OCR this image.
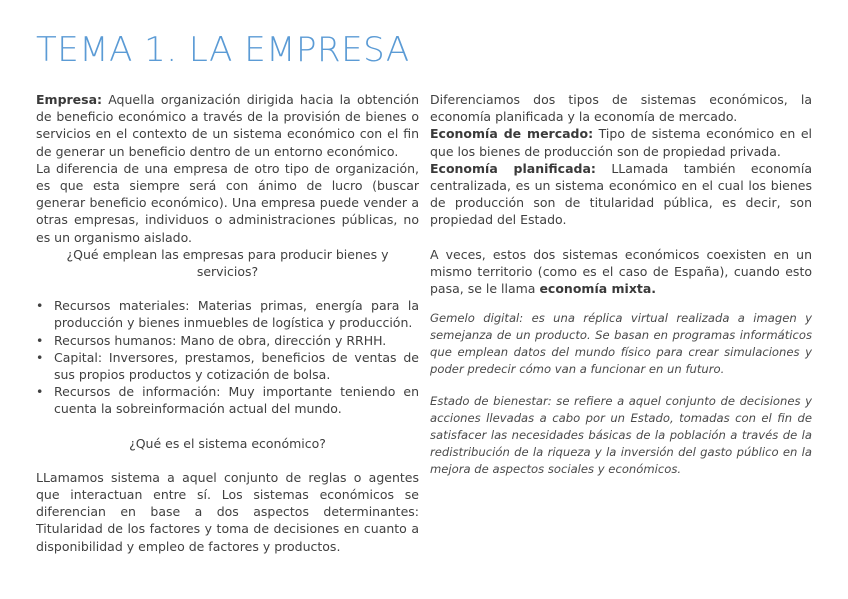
TEMA 1. LA EMPRESA

Empresa: Aquella organización dirigida hacia la obtención de beneficio económico a través de la provisión de bienes o servicios en el contexto de un sistema económico con el fin de generar un beneficio dentro de un entorno económico.

La diferencia de una empresa de otro tipo de organización, es que esta siempre será con ánimo de lucro (buscar generar beneficio económico). Una empresa puede vender a otras empresas, individuos o administraciones públicas, no es un organismo aislado.

¿Qué emplean las empresas para producir bienes y servicios?

• Recursos materiales: Materias primas, energía para la producción y bienes inmuebles de logística y producción.
• Recursos humanos: Mano de obra, dirección y RRHH.
• Capital: Inversores, prestamos, beneficios de ventas de sus propios productos y cotización de bolsa.
• Recursos de información: Muy importante teniendo en cuenta la sobreinformación actual del mundo.

¿Qué es el sistema económico?

LLamamos sistema a aquel conjunto de reglas o agentes que interactuan entre sí. Los sistemas económicos se diferencian en base a dos aspectos determinantes: Titularidad de los factores y toma de decisiones en cuanto a disponibilidad y empleo de factores y productos.

Diferenciamos dos tipos de sistemas económicos, la economía planificada y la economía de mercado.

Economía de mercado: Tipo de sistema económico en el que los bienes de producción son de propiedad privada.

Economía planificada: LLamada también economía centralizada, es un sistema económico en el cual los bienes de producción son de titularidad pública, es decir, son propiedad del Estado.

A veces, estos dos sistemas económicos coexisten en un mismo territorio (como es el caso de España), cuando esto pasa, se le llama economía mixta.

Gemelo digital: es una réplica virtual realizada a imagen y semejanza de un producto. Se basan en programas informáticos que emplean datos del mundo físico para crear simulaciones y poder predecir cómo van a funcionar en un futuro.

Estado de bienestar: se refiere a aquel conjunto de decisiones y acciones llevadas a cabo por un Estado, tomadas con el fin de satisfacer las necesidades básicas de la población a través de la redistribución de la riqueza y la inversión del gasto público en la mejora de aspectos sociales y económicos.
